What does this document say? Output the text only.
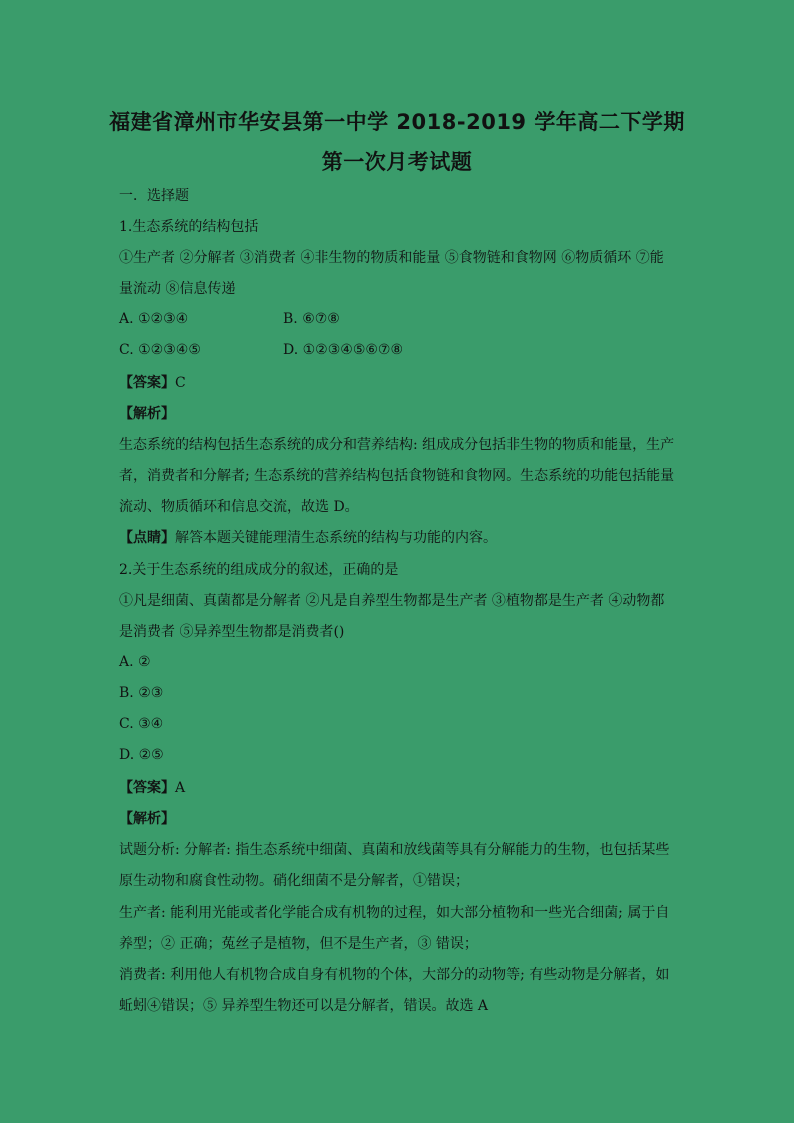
福建省漳州市华安县第一中学 2018-2019 学年高二下学期
第一次月考试题
一．选择题
1.生态系统的结构包括
①生产者 ②分解者 ③消费者 ④非生物的物质和能量 ⑤食物链和食物网 ⑥物质循环 ⑦能
量流动 ⑧信息传递
A. ①②③④	B. ⑥⑦⑧
C. ①②③④⑤	D. ①②③④⑤⑥⑦⑧
【答案】C
【解析】
生态系统的结构包括生态系统的成分和营养结构: 组成成分包括非生物的物质和能量，生产
者，消费者和分解者; 生态系统的营养结构包括食物链和食物网。生态系统的功能包括能量
流动、物质循环和信息交流，故选 D。
【点睛】解答本题关键能理清生态系统的结构与功能的内容。
2.关于生态系统的组成成分的叙述，正确的是
①凡是细菌、真菌都是分解者 ②凡是自养型生物都是生产者 ③植物都是生产者 ④动物都
是消费者 ⑤异养型生物都是消费者()
A. ②
B. ②③
C. ③④
D. ②⑤
【答案】A
【解析】
试题分析: 分解者: 指生态系统中细菌、真菌和放线菌等具有分解能力的生物，也包括某些
原生动物和腐食性动物。硝化细菌不是分解者，①错误；
生产者: 能利用光能或者化学能合成有机物的过程，如大部分植物和一些光合细菌; 属于自
养型；② 正确；菟丝子是植物，但不是生产者，③ 错误；
消费者: 利用他人有机物合成自身有机物的个体，大部分的动物等; 有些动物是分解者，如
蚯蚓④错误；⑤ 异养型生物还可以是分解者，错误。故选 A
